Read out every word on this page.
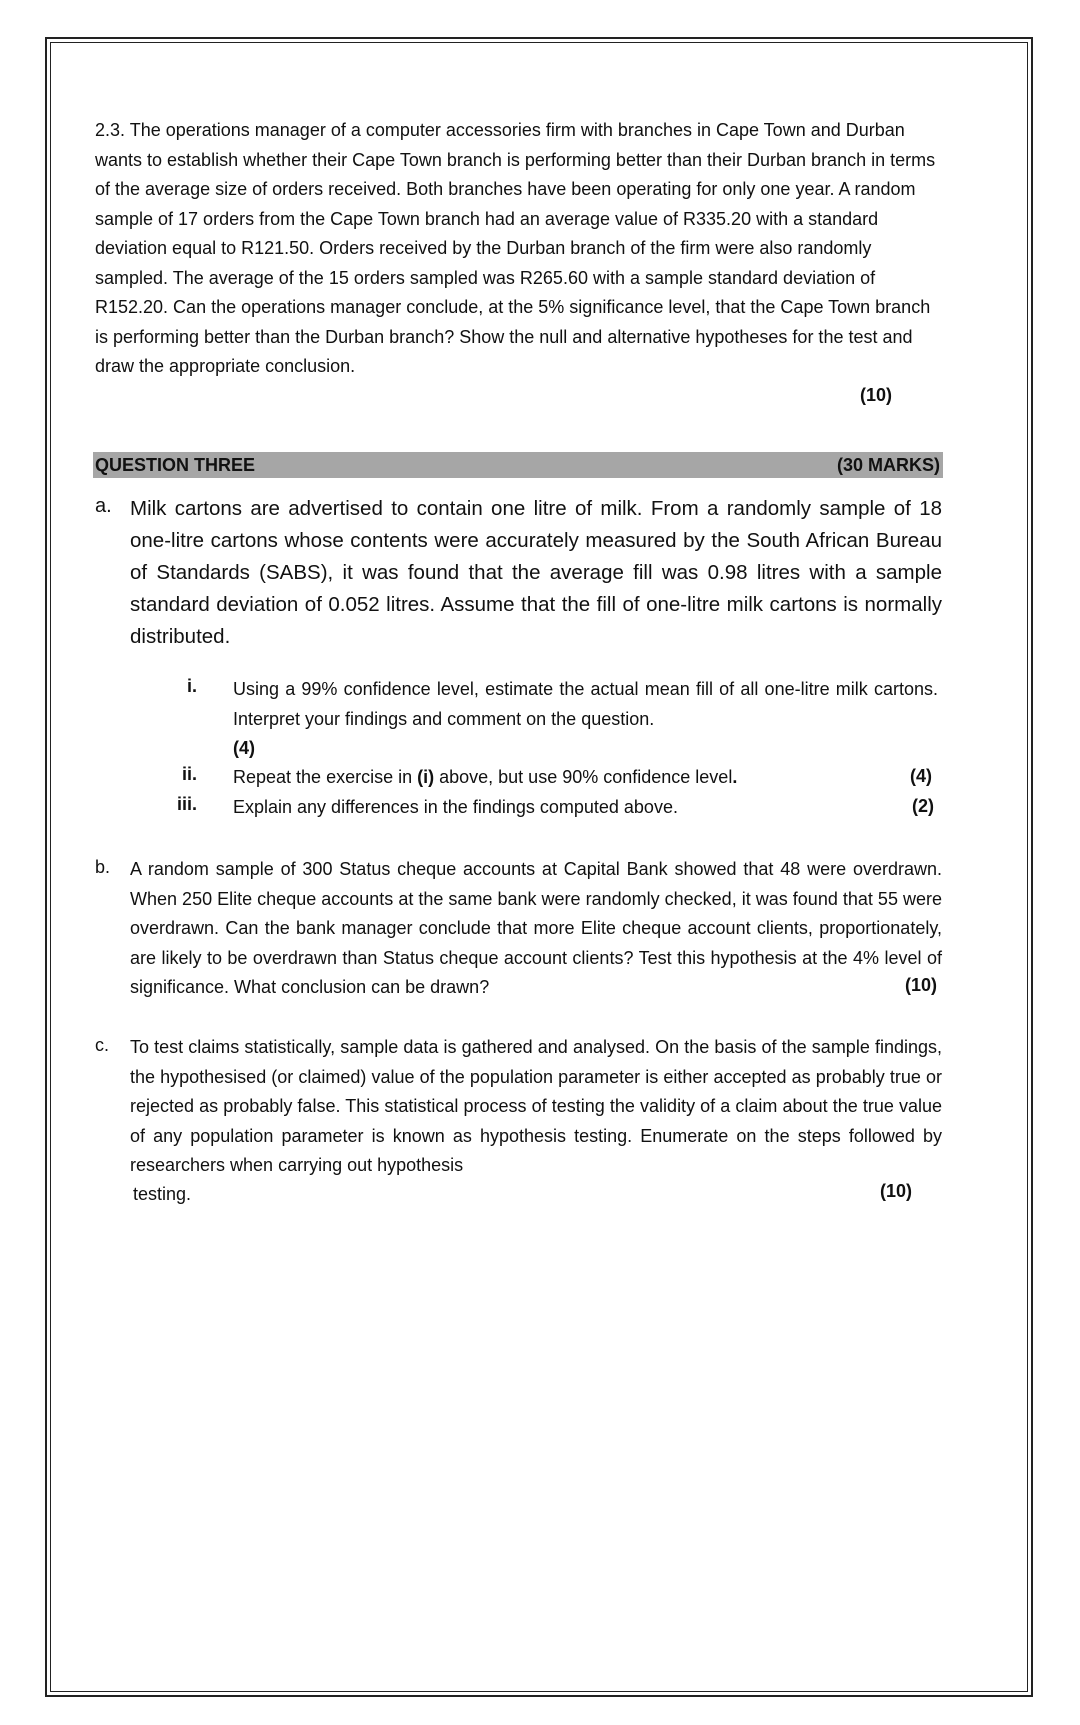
2.3. The operations manager of a computer accessories firm with branches in Cape Town and Durban wants to establish whether their Cape Town branch is performing better than their Durban branch in terms of the average size of orders received. Both branches have been operating for only one year. A random sample of 17 orders from the Cape Town branch had an average value of R335.20 with a standard deviation equal to R121.50. Orders received by the Durban branch of the firm were also randomly sampled. The average of the 15 orders sampled was R265.60 with a sample standard deviation of R152.20. Can the operations manager conclude, at the 5% significance level, that the Cape Town branch is performing better than the Durban branch? Show the null and alternative hypotheses for the test and draw the appropriate conclusion.
(10)
QUESTION THREE	(30 MARKS)
a. Milk cartons are advertised to contain one litre of milk. From a randomly sample of 18 one-litre cartons whose contents were accurately measured by the South African Bureau of Standards (SABS), it was found that the average fill was 0.98 litres with a sample standard deviation of 0.052 litres. Assume that the fill of one-litre milk cartons is normally distributed.
i. Using a 99% confidence level, estimate the actual mean fill of all one-litre milk cartons. Interpret your findings and comment on the question.
(4)
ii. Repeat the exercise in (i) above, but use 90% confidence level.	(4)
iii. Explain any differences in the findings computed above.	(2)
b. A random sample of 300 Status cheque accounts at Capital Bank showed that 48 were overdrawn. When 250 Elite cheque accounts at the same bank were randomly checked, it was found that 55 were overdrawn. Can the bank manager conclude that more Elite cheque account clients, proportionately, are likely to be overdrawn than Status cheque account clients? Test this hypothesis at the 4% level of significance. What conclusion can be drawn?	(10)
c. To test claims statistically, sample data is gathered and analysed. On the basis of the sample findings, the hypothesised (or claimed) value of the population parameter is either accepted as probably true or rejected as probably false. This statistical process of testing the validity of a claim about the true value of any population parameter is known as hypothesis testing. Enumerate on the steps followed by researchers when carrying out hypothesis
testing.	(10)
